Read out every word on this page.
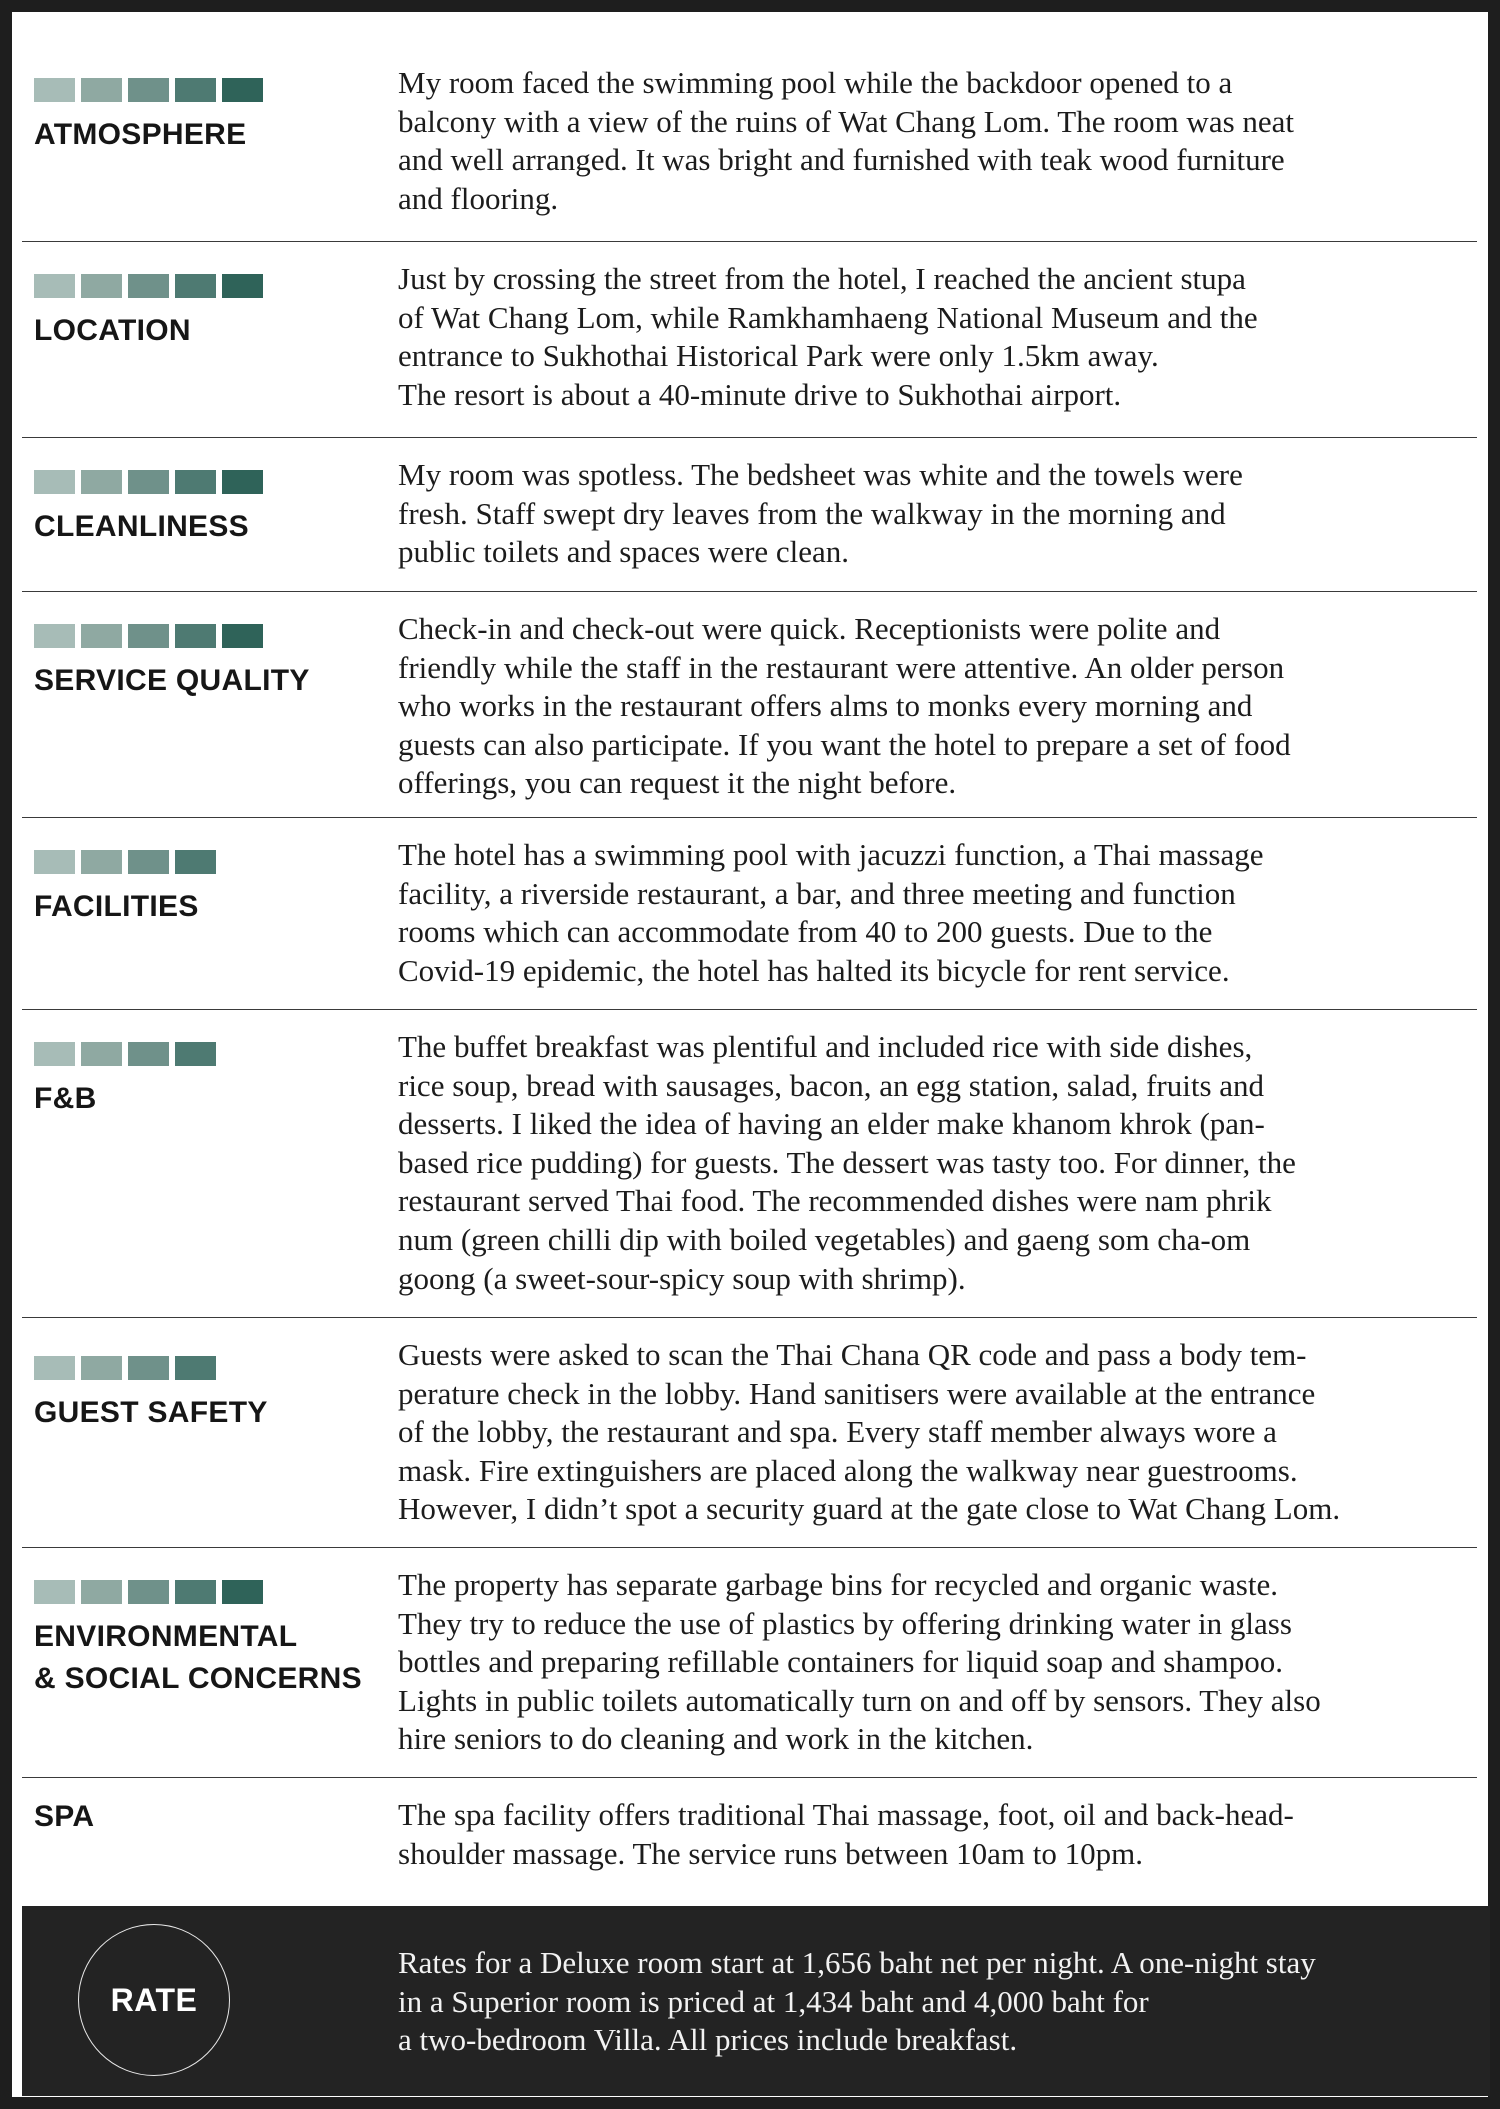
ATMOSPHERE
My room faced the swimming pool while the backdoor opened to a
balcony with a view of the ruins of Wat Chang Lom. The room was neat
and well arranged. It was bright and furnished with teak wood furniture
and flooring.
LOCATION
Just by crossing the street from the hotel, I reached the ancient stupa
of Wat Chang Lom, while Ramkhamhaeng National Museum and the
entrance to Sukhothai Historical Park were only 1.5km away.
The resort is about a 40-minute drive to Sukhothai airport.
CLEANLINESS
My room was spotless. The bedsheet was white and the towels were
fresh. Staff swept dry leaves from the walkway in the morning and
public toilets and spaces were clean.
SERVICE QUALITY
Check-in and check-out were quick. Receptionists were polite and
friendly while the staff in the restaurant were attentive. An older person
who works in the restaurant offers alms to monks every morning and
guests can also participate. If you want the hotel to prepare a set of food
offerings, you can request it the night before.
FACILITIES
The hotel has a swimming pool with jacuzzi function, a Thai massage
facility, a riverside restaurant, a bar, and three meeting and function
rooms which can accommodate from 40 to 200 guests. Due to the
Covid-19 epidemic, the hotel has halted its bicycle for rent service.
F&B
The buffet breakfast was plentiful and included rice with side dishes,
rice soup, bread with sausages, bacon, an egg station, salad, fruits and
desserts. I liked the idea of having an elder make khanom khrok (pan-
based rice pudding) for guests. The dessert was tasty too. For dinner, the
restaurant served Thai food. The recommended dishes were nam phrik
num (green chilli dip with boiled vegetables) and gaeng som cha-om
goong (a sweet-sour-spicy soup with shrimp).
GUEST SAFETY
Guests were asked to scan the Thai Chana QR code and pass a body tem-
perature check in the lobby. Hand sanitisers were available at the entrance
of the lobby, the restaurant and spa. Every staff member always wore a
mask. Fire extinguishers are placed along the walkway near guestrooms.
However, I didn’t spot a security guard at the gate close to Wat Chang Lom.
ENVIRONMENTAL
& SOCIAL CONCERNS
The property has separate garbage bins for recycled and organic waste.
They try to reduce the use of plastics by offering drinking water in glass
bottles and preparing refillable containers for liquid soap and shampoo.
Lights in public toilets automatically turn on and off by sensors. They also
hire seniors to do cleaning and work in the kitchen.
SPA	The spa facility offers traditional Thai massage, foot, oil and back-head-
shoulder massage. The service runs between 10am to 10pm.
RATE
Rates for a Deluxe room start at 1,656 baht net per night. A one-night stay
in a Superior room is priced at 1,434 baht and 4,000 baht for
a two-bedroom Villa. All prices include breakfast.
